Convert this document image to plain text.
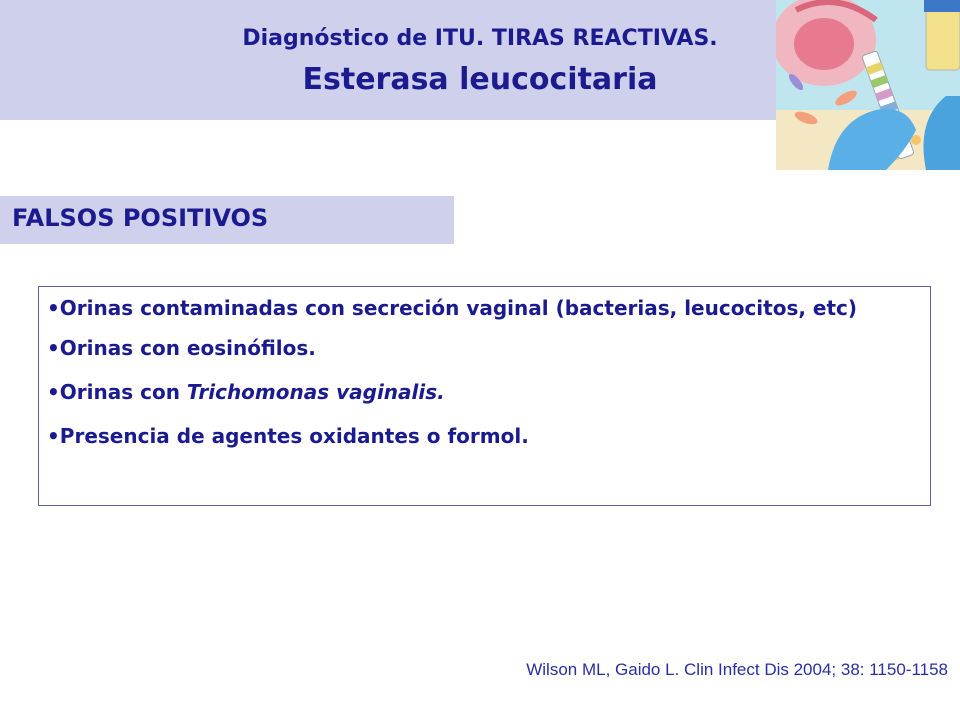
Diagnóstico de ITU. TIRAS REACTIVAS.
Esterasa leucocitaria
FALSOS POSITIVOS
•Orinas contaminadas con secreción vaginal (bacterias, leucocitos, etc)
•Orinas con eosinófilos.
•Orinas con Trichomonas vaginalis.
•Presencia de agentes oxidantes o formol.
Wilson ML, Gaido L. Clin Infect Dis 2004; 38: 1150-1158
